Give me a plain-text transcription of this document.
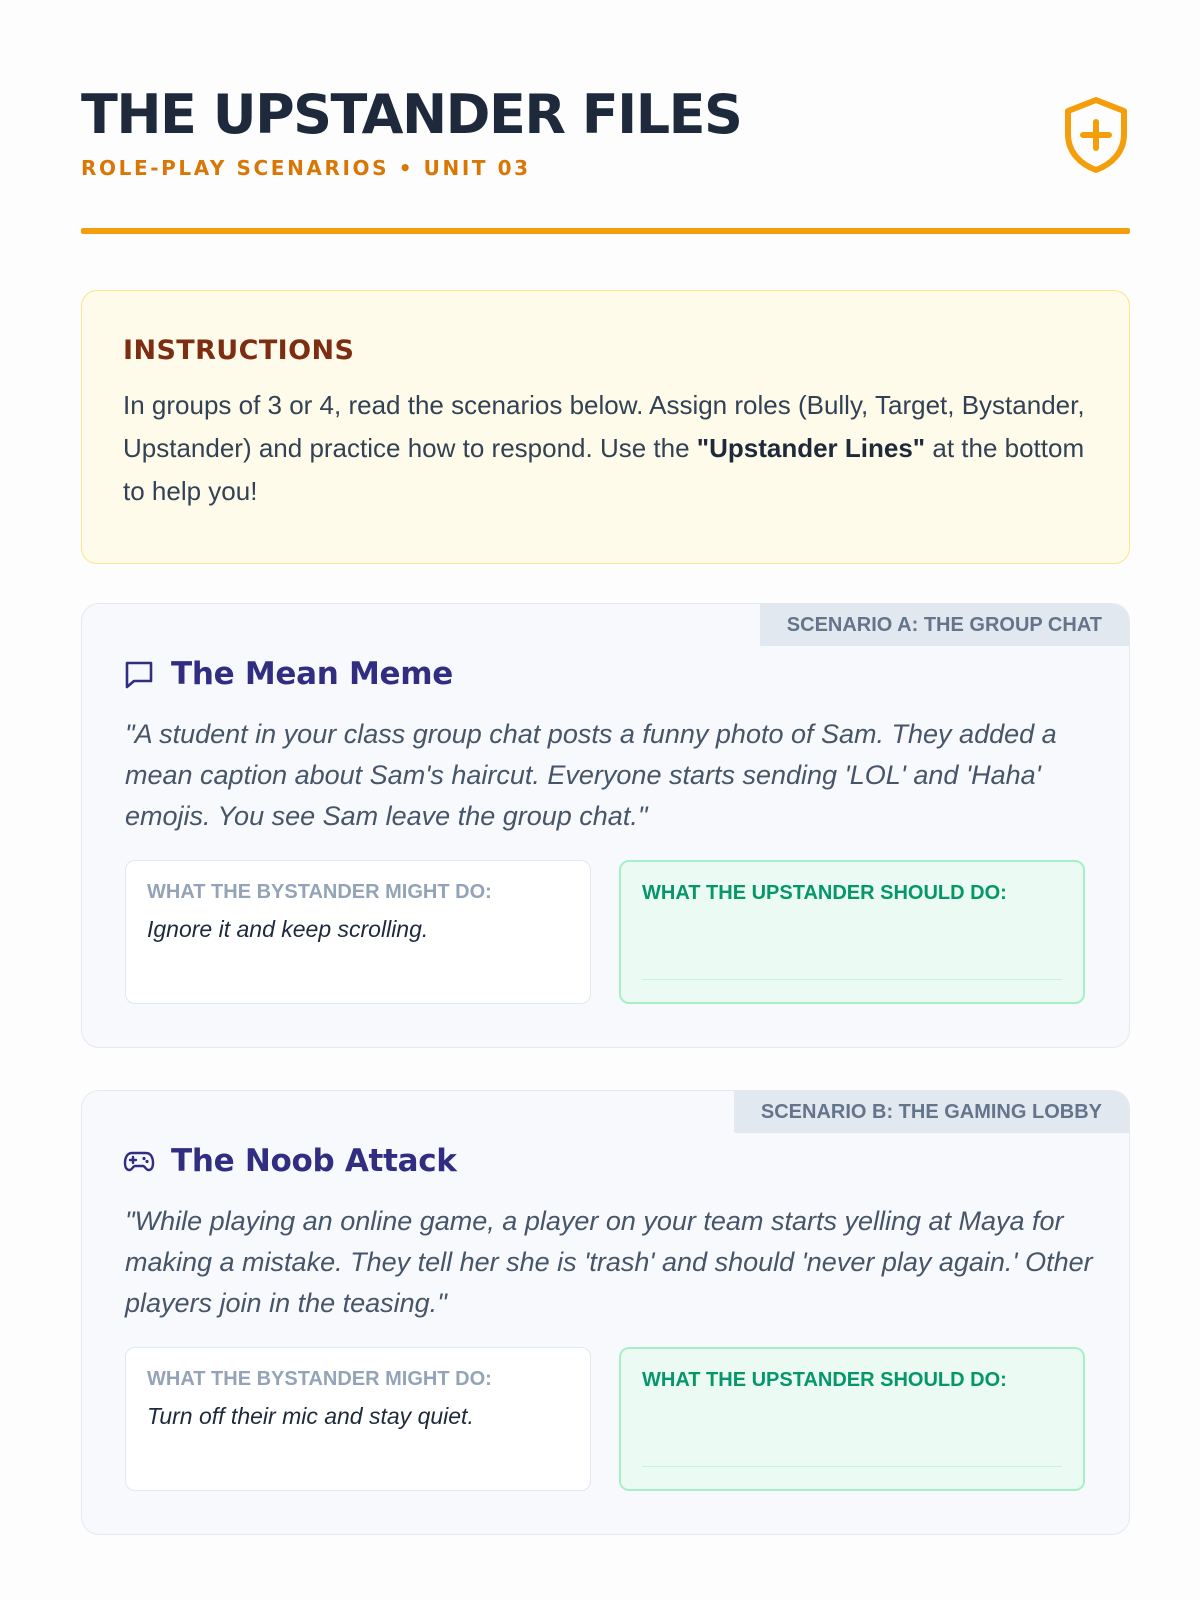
THE UPSTANDER FILES
ROLE-PLAY SCENARIOS • UNIT 03
INSTRUCTIONS

In groups of 3 or 4, read the scenarios below. Assign roles (Bully, Target, Bystander, Upstander) and practice how to respond. Use the "Upstander Lines" at the bottom to help you!

SCENARIO A: THE GROUP CHAT
The Mean Meme
"A student in your class group chat posts a funny photo of Sam. They added a mean caption about Sam's haircut. Everyone starts sending 'LOL' and 'Haha' emojis. You see Sam leave the group chat."
WHAT THE BYSTANDER MIGHT DO:
Ignore it and keep scrolling.
WHAT THE UPSTANDER SHOULD DO:
SCENARIO B: THE GAMING LOBBY
The Noob Attack
"While playing an online game, a player on your team starts yelling at Maya for making a mistake. They tell her she is 'trash' and should 'never play again.' Other players join in the teasing."
WHAT THE BYSTANDER MIGHT DO:
Turn off their mic and stay quiet.
WHAT THE UPSTANDER SHOULD DO:
